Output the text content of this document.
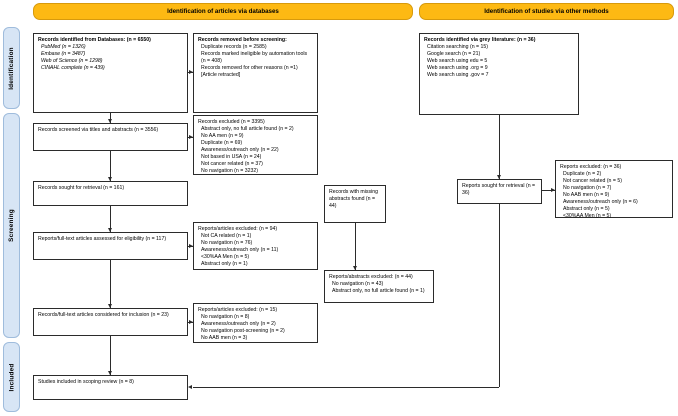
Identification of articles via databases	Identification of studies via other methods
Identification
Screening
Included
Records identified from Databases: (n = 6550)
PubMed (n = 1326)
Embase (n = 3487)
Web of Science (n = 1298)
CINAHL complete (n = 439)
Records removed before screening:
Duplicate records (n = 2585)
Records marked ineligible by automation tools (n = 408)
Records removed for other reasons (n =1) [Article retracted]
Records screened via titles and abstracts (n = 3556)
Records excluded (n = 3395)
Abstract only, no full article found (n = 2)
No AA men (n = 9)
Duplicate (n = 69)
Awareness/outreach only (n = 22)
Not based in USA (n = 24)
Not cancer related (n = 37)
No navigation (n = 3232)
Records sought for retrieval (n = 161)
Reports/full-text articles assessed for eligibility (n = 117)
Reports/articles excluded: (n = 94)
Not CA related (n = 1)
No navigation (n = 76)
Awareness/outreach only (n = 11)
<30%AA Men (n = 5)
Abstract only (n = 1)
Records/full-text articles considered for inclusion (n = 23)
Reports/articles excluded: (n = 15)
No navigation (n = 8)
Awareness/outreach only (n = 2)
No navigation post-screening (n = 2)
No AAB men (n = 3)
Studies included in scoping review (n = 8)
Records with missing abstracts found (n = 44)
Reports/abstracts excluded: (n = 44)
No navigation (n = 43)
Abstract only, no full article found (n = 1)
Records identified via grey literature: (n = 36)
Citation searching (n = 15)
Google search (n = 21)
Web search using edu = 5
Web search using .org = 9
Web search using .gov = 7
Reports sought for retrieval (n = 36)
Reports excluded: (n = 36)
Duplicate (n = 2)
Not cancer related (n = 5)
No navigation (n = 7)
No AAB men (n = 9)
Awareness/outreach only (n = 6)
Abstract only (n = 5)
<30%AA Men (n = 5)
